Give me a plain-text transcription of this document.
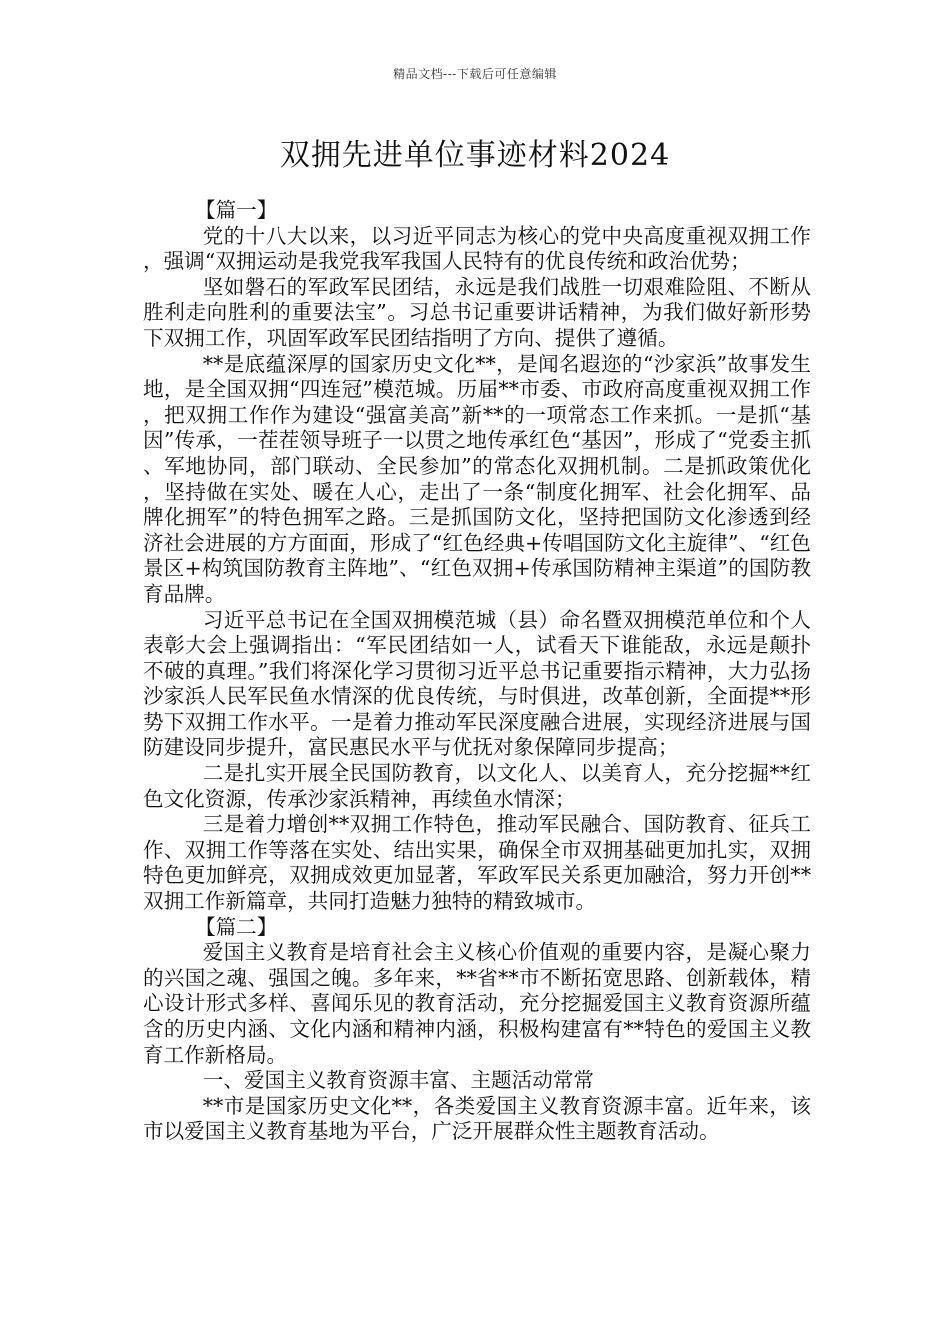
精品文档---下载后可任意编辑
双拥先进单位事迹材料2024
【篇一】

党的十八大以来，以习近平同志为核心的党中央高度重视双拥工作，强调“双拥运动是我党我军我国人民特有的优良传统和政治优势；

坚如磐石的军政军民团结，永远是我们战胜一切艰难险阻、不断从胜利走向胜利的重要法宝”。习总书记重要讲话精神，为我们做好新形势下双拥工作，巩固军政军民团结指明了方向、提供了遵循。

**是底蕴深厚的国家历史文化**，是闻名遐迩的“沙家浜”故事发生地，是全国双拥“四连冠”模范城。历届**市委、市政府高度重视双拥工作，把双拥工作作为建设“强富美高”新**的一项常态工作来抓。一是抓“基因”传承，一茬茬领导班子一以贯之地传承红色“基因”，形成了“党委主抓、军地协同，部门联动、全民参加”的常态化双拥机制。二是抓政策优化，坚持做在实处、暖在人心，走出了一条“制度化拥军、社会化拥军、品牌化拥军”的特色拥军之路。三是抓国防文化，坚持把国防文化渗透到经济社会进展的方方面面，形成了“红色经典+传唱国防文化主旋律”、“红色景区+构筑国防教育主阵地”、“红色双拥+传承国防精神主渠道”的国防教育品牌。

习近平总书记在全国双拥模范城（县）命名暨双拥模范单位和个人表彰大会上强调指出：“军民团结如一人，试看天下谁能敌，永远是颠扑不破的真理。”我们将深化学习贯彻习近平总书记重要指示精神，大力弘扬沙家浜人民军民鱼水情深的优良传统，与时俱进，改革创新，全面提**形势下双拥工作水平。一是着力推动军民深度融合进展，实现经济进展与国防建设同步提升，富民惠民水平与优抚对象保障同步提高；

二是扎实开展全民国防教育，以文化人、以美育人，充分挖掘**红色文化资源，传承沙家浜精神，再续鱼水情深；

三是着力增创**双拥工作特色，推动军民融合、国防教育、征兵工作、双拥工作等落在实处、结出实果，确保全市双拥基础更加扎实，双拥特色更加鲜亮，双拥成效更加显著，军政军民关系更加融洽，努力开创**双拥工作新篇章，共同打造魅力独特的精致城市。

【篇二】

爱国主义教育是培育社会主义核心价值观的重要内容，是凝心聚力的兴国之魂、强国之魄。多年来，**省**市不断拓宽思路、创新载体，精心设计形式多样、喜闻乐见的教育活动，充分挖掘爱国主义教育资源所蕴含的历史内涵、文化内涵和精神内涵，积极构建富有**特色的爱国主义教育工作新格局。

一、爱国主义教育资源丰富、主题活动常常

**市是国家历史文化**，各类爱国主义教育资源丰富。近年来，该市以爱国主义教育基地为平台，广泛开展群众性主题教育活动。
